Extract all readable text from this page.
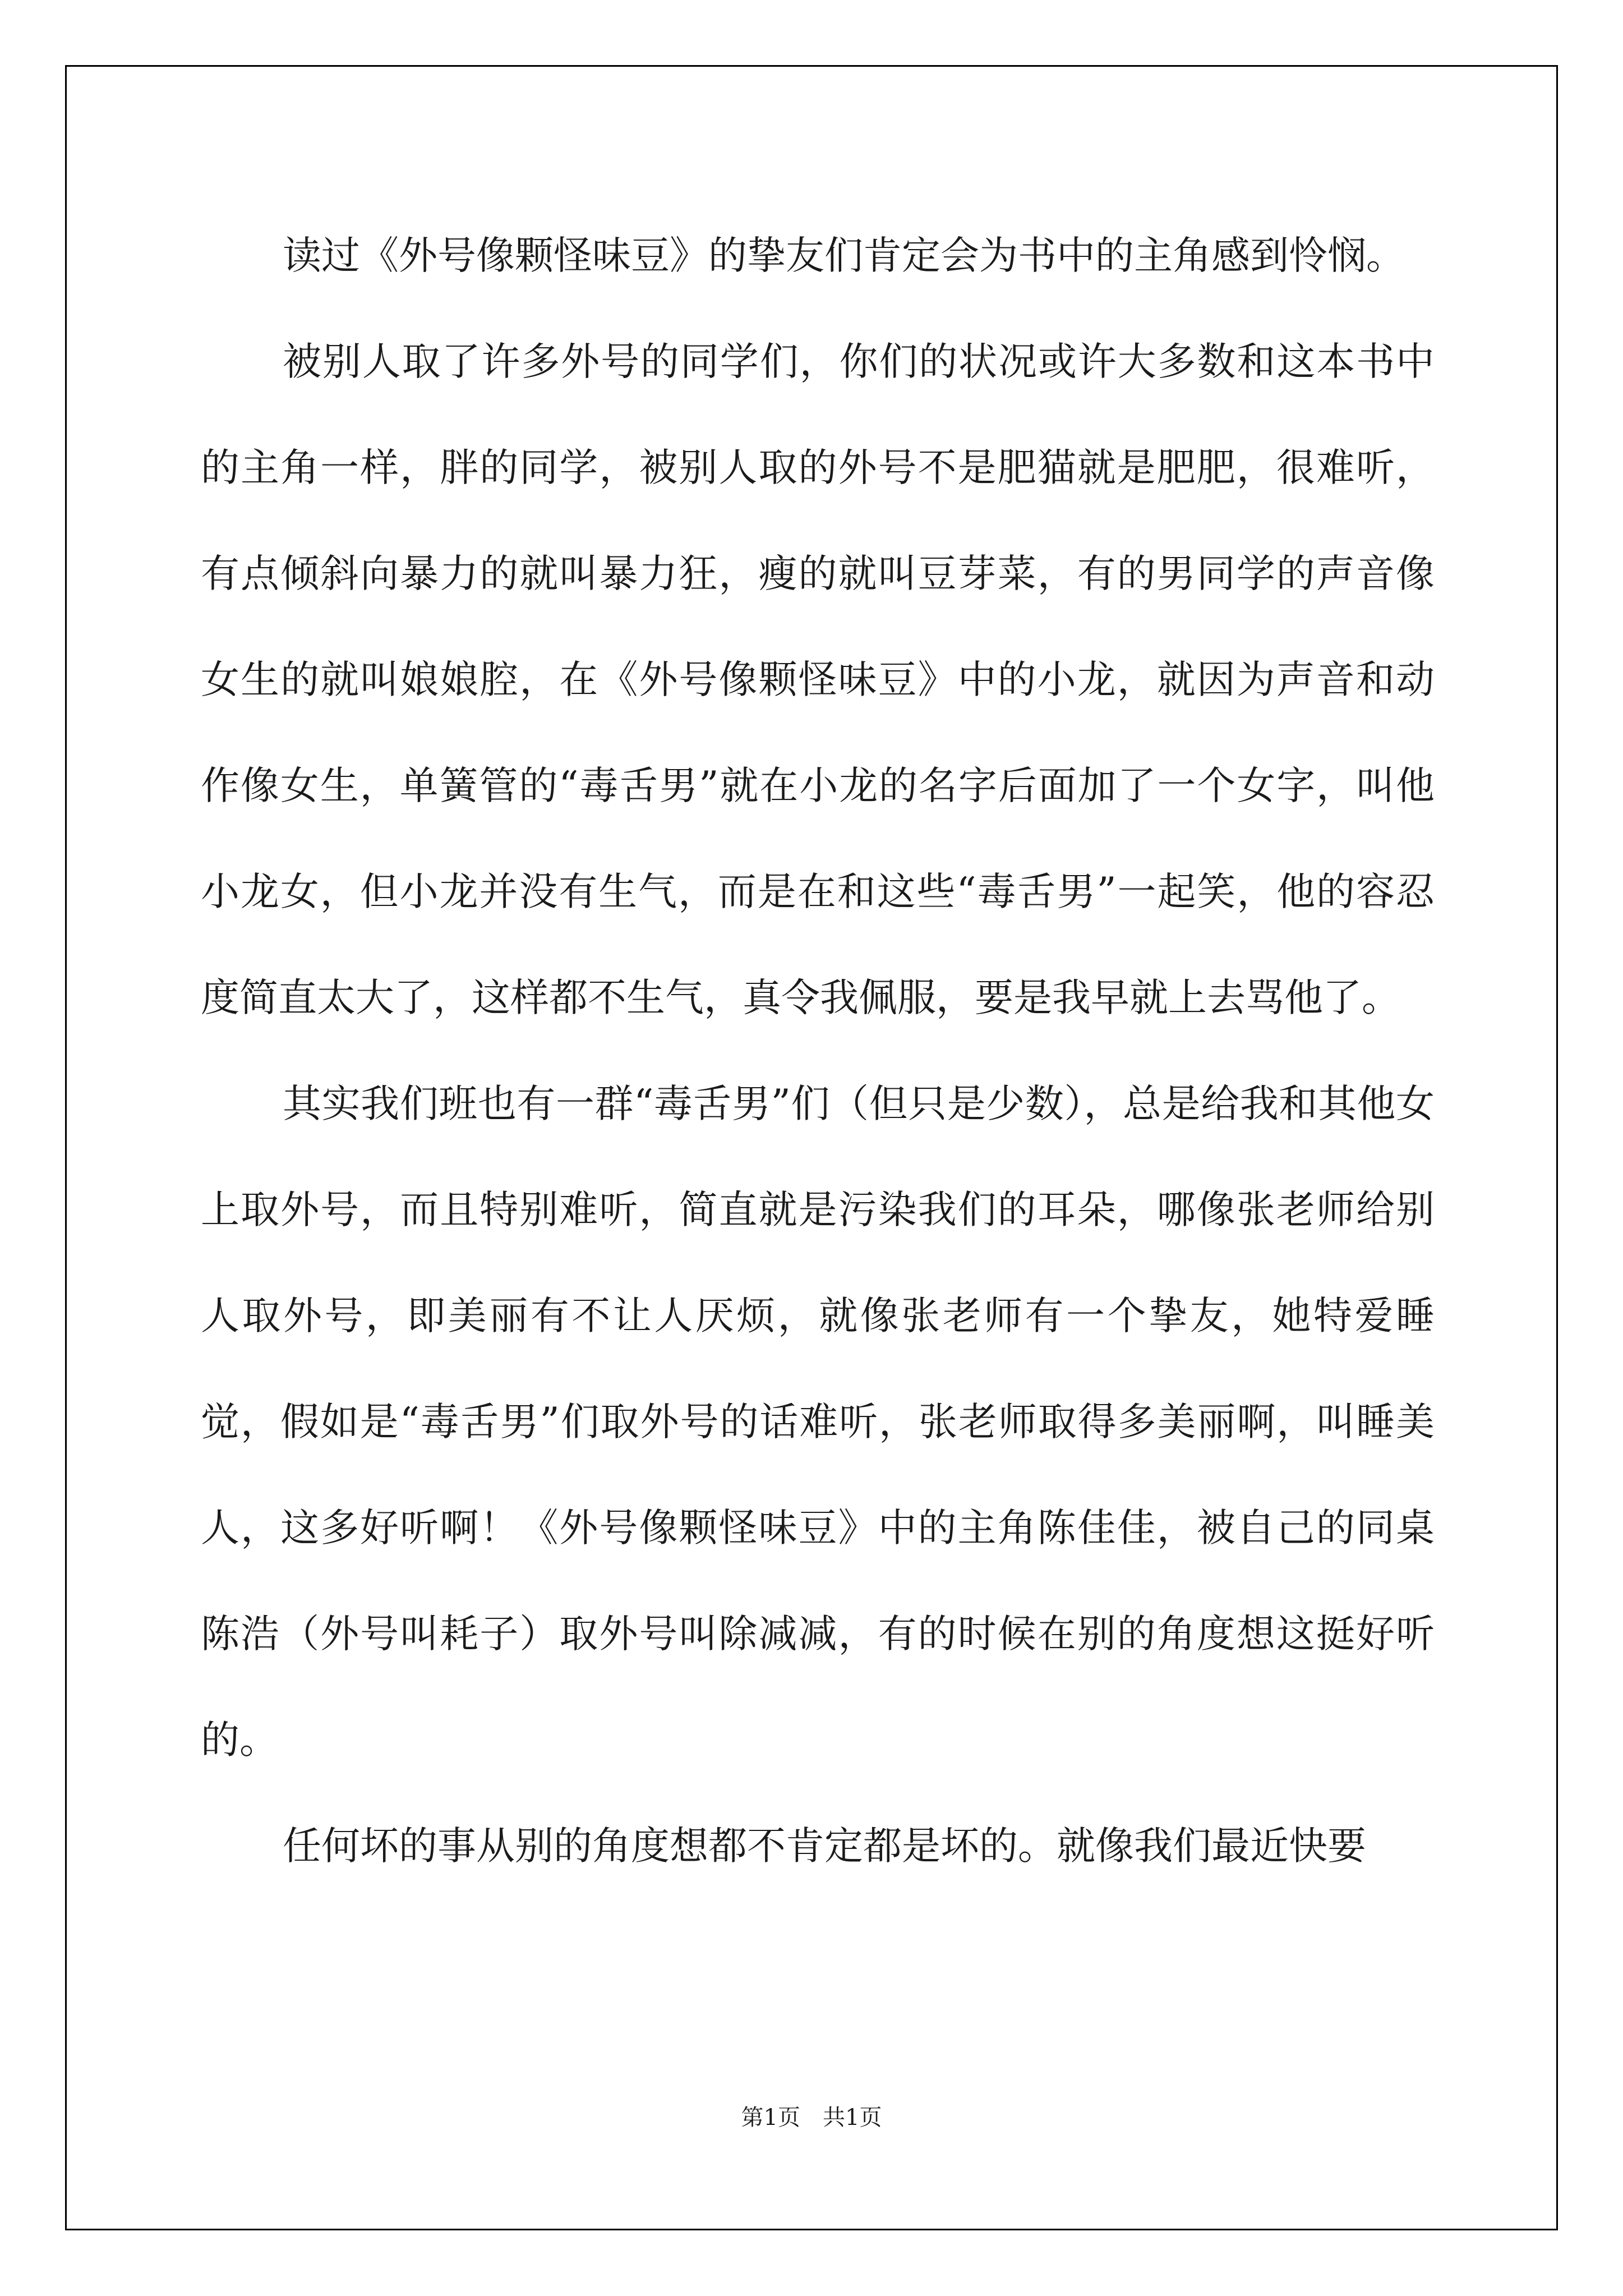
读过《外号像颗怪味豆》的挚友们肯定会为书中的主角感到怜悯。

被别人取了许多外号的同学们，你们的状况或许大多数和这本书中的主角一样，胖的同学，被别人取的外号不是肥猫就是肥肥，很难听，有点倾斜向暴力的就叫暴力狂，瘦的就叫豆芽菜，有的男同学的声音像女生的就叫娘娘腔，在《外号像颗怪味豆》中的小龙，就因为声音和动作像女生，单簧管的“毒舌男”就在小龙的名字后面加了一个女字，叫他小龙女，但小龙并没有生气，而是在和这些“毒舌男”一起笑，他的容忍度简直太大了，这样都不生气，真令我佩服，要是我早就上去骂他了。

其实我们班也有一群“毒舌男”们（但只是少数），总是给我和其他女上取外号，而且特别难听，简直就是污染我们的耳朵，哪像张老师给别人取外号，即美丽有不让人厌烦，就像张老师有一个挚友，她特爱睡觉，假如是“毒舌男”们取外号的话难听，张老师取得多美丽啊，叫睡美人，这多好听啊！《外号像颗怪味豆》中的主角陈佳佳，被自己的同桌陈浩（外号叫耗子）取外号叫除减减，有的时候在别的角度想这挺好听的。

任何坏的事从别的角度想都不肯定都是坏的。就像我们最近快要

第1页　共1页
